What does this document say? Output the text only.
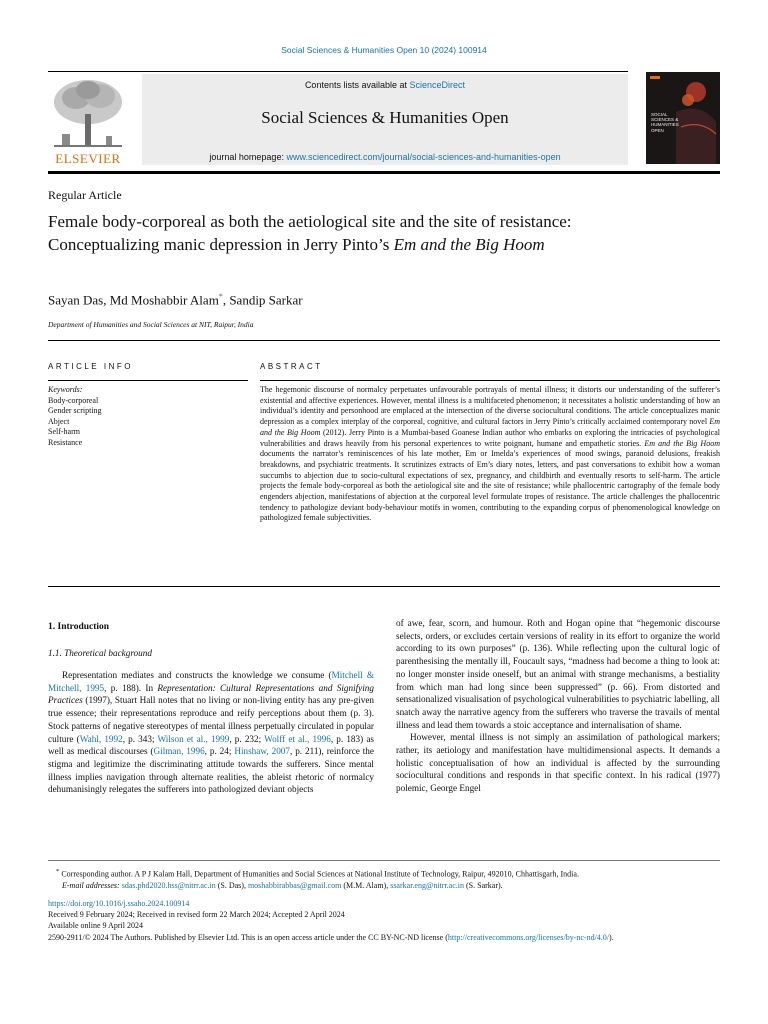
Social Sciences & Humanities Open 10 (2024) 100914
ELSEVIER
Contents lists available at ScienceDirect
Social Sciences & Humanities Open
journal homepage: www.sciencedirect.com/journal/social-sciences-and-humanities-open
SOCIAL
SCIENCES &
HUMANITIES
OPEN
Regular Article
Female body-corporeal as both the aetiological site and the site of resistance: Conceptualizing manic depression in Jerry Pinto’s Em and the Big Hoom
Sayan Das, Md Moshabbir Alam*, Sandip Sarkar
Department of Humanities and Social Sciences at NIT, Raipur, India
ARTICLE INFO	ABSTRACT
Keywords:
Body-corporeal
Gender scripting
Abject
Self-harm
Resistance
The hegemonic discourse of normalcy perpetuates unfavourable portrayals of mental illness; it distorts our understanding of the sufferer’s existential and affective experiences. However, mental illness is a multifaceted phenomenon; it necessitates a holistic understanding of how an individual’s identity and personhood are emplaced at the intersection of the diverse sociocultural conditions. The article conceptualizes manic depression as a complex interplay of the corporeal, cognitive, and cultural factors in Jerry Pinto’s critically acclaimed contemporary novel Em and the Big Hoom (2012). Jerry Pinto is a Mumbai-based Goanese Indian author who embarks on exploring the intricacies of psychological vulnerabilities and draws heavily from his personal experiences to write poignant, humane and empathetic stories. Em and the Big Hoom documents the narrator’s reminiscences of his late mother, Em or Imelda’s experiences of mood swings, paranoid delusions, freakish breakdowns, and psychiatric treatments. It scrutinizes extracts of Em’s diary notes, letters, and past conversations to exhibit how a woman succumbs to abjection due to socio-cultural expectations of sex, pregnancy, and childbirth and eventually resorts to self-harm. The article projects the female body-corporeal as both the aetiological site and the site of resistance; while phallocentric cartography of the female body engenders abjection, manifestations of abjection at the corporeal level formulate tropes of resistance. The article challenges the phallocentric tendency to pathologize deviant body-behaviour motifs in women, contributing to the expanding corpus of phenomenological knowledge on pathologized female subjectivities.
1. Introduction
1.1. Theoretical background
Representation mediates and constructs the knowledge we consume (Mitchell & Mitchell, 1995, p. 188). In Representation: Cultural Representations and Signifying Practices (1997), Stuart Hall notes that no living or non-living entity has any pre-given true essence; their representations reproduce and reify perceptions about them (p. 3). Stock patterns of negative stereotypes of mental illness perpetually circulated in popular culture (Wahl, 1992, p. 343; Wilson et al., 1999, p. 232; Wolff et al., 1996, p. 183) as well as medical discourses (Gilman, 1996, p. 24; Hinshaw, 2007, p. 211), reinforce the stigma and legitimize the discriminating attitude towards the sufferers. Since mental illness implies navigation through alternate realities, the ableist rhetoric of normalcy dehumanisingly relegates the sufferers into pathologized deviant objects
of awe, fear, scorn, and humour. Roth and Hogan opine that “hegemonic discourse selects, orders, or excludes certain versions of reality in its effort to organize the world according to its own purposes” (p. 136). While reflecting upon the cultural logic of parenthesising the mentally ill, Foucault says, “madness had become a thing to look at: no longer monster inside oneself, but an animal with strange mechanisms, a bestiality from which man had long since been suppressed” (p. 66). From distorted and sensationalized visualisation of psychological vulnerabilities to psychiatric labelling, all snatch away the narrative agency from the sufferers who traverse the travails of mental illness and lead them towards a stoic acceptance and internalisation of shame.
However, mental illness is not simply an assimilation of pathological markers; rather, its aetiology and manifestation have multidimensional aspects. It demands a holistic conceptualisation of how an individual is affected by the surrounding sociocultural conditions and responds in that specific context. In his radical (1977) polemic, George Engel
* Corresponding author. A P J Kalam Hall, Department of Humanities and Social Sciences at National Institute of Technology, Raipur, 492010, Chhattisgarh, India.
E-mail addresses: sdas.phd2020.hss@nitrr.ac.in (S. Das), moshabbirabbas@gmail.com (M.M. Alam), ssarkar.eng@nitrr.ac.in (S. Sarkar).
https://doi.org/10.1016/j.ssaho.2024.100914
Received 9 February 2024; Received in revised form 22 March 2024; Accepted 2 April 2024
Available online 9 April 2024
2590-2911/© 2024 The Authors. Published by Elsevier Ltd. This is an open access article under the CC BY-NC-ND license (http://creativecommons.org/licenses/by-nc-nd/4.0/).
